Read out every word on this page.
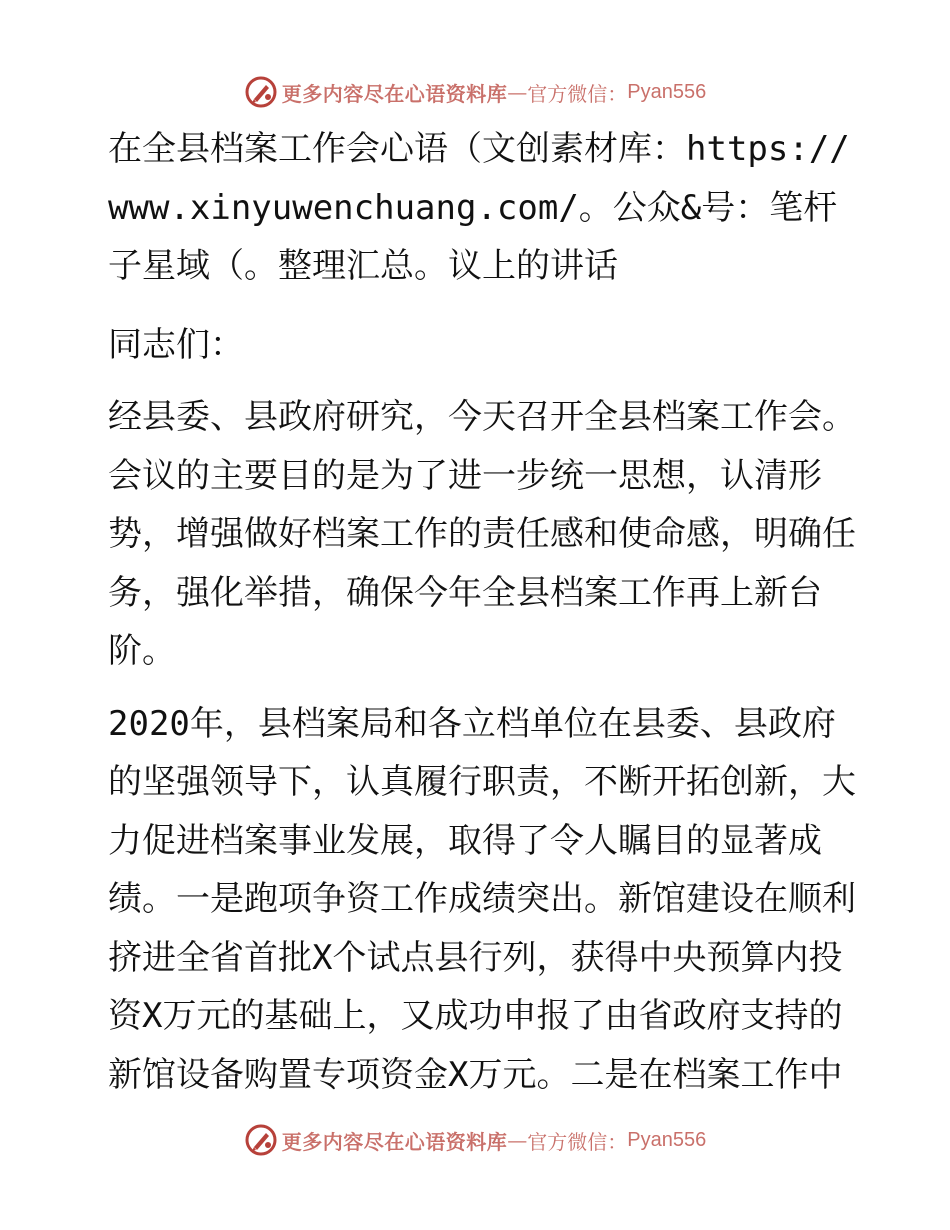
更多内容尽在心语资料库 — 官方微信： Pyan556

在全县档案工作会心语（文创素材库：https://www.xinyuwenchuang.com/。公众&号：笔杆子星域（。整理汇总。议上的讲话

同志们：

经县委、县政府研究，今天召开全县档案工作会。会议的主要目的是为了进一步统一思想，认清形势，增强做好档案工作的责任感和使命感，明确任务，强化举措，确保今年全县档案工作再上新台阶。

2020年，县档案局和各立档单位在县委、县政府的坚强领导下，认真履行职责，不断开拓创新，大力促进档案事业发展，取得了令人瞩目的显著成绩。一是跑项争资工作成绩突出。新馆建设在顺利挤进全省首批X个试点县行列，获得中央预算内投资X万元的基础上，又成功申报了由省政府支持的新馆设备购置专项资金X万元。二是在档案工作中

更多内容尽在心语资料库 — 官方微信： Pyan556
